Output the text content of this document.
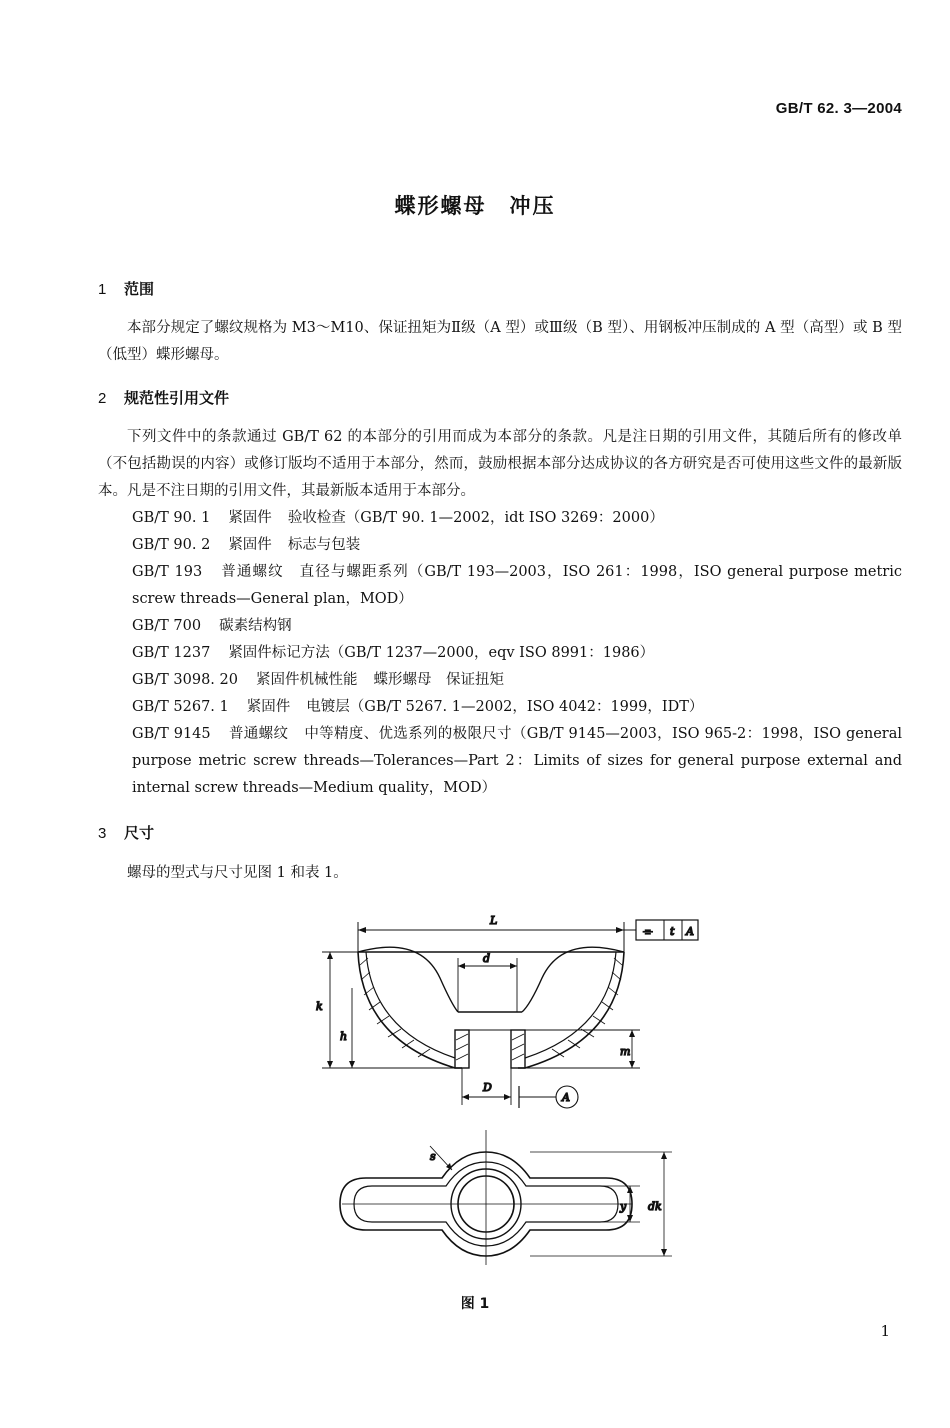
GB/T 62. 3—2004
蝶形螺母　冲压
1 范围
本部分规定了螺纹规格为 M3～M10、保证扭矩为Ⅱ级（A 型）或Ⅲ级（B 型）、用钢板冲压制成的 A 型（高型）或 B 型（低型）蝶形螺母。
2 规范性引用文件
下列文件中的条款通过 GB/T 62 的本部分的引用而成为本部分的条款。凡是注日期的引用文件，其随后所有的修改单（不包括勘误的内容）或修订版均不适用于本部分，然而，鼓励根据本部分达成协议的各方研究是否可使用这些文件的最新版本。凡是不注日期的引用文件，其最新版本适用于本部分。
GB/T 90. 1 紧固件 验收检查（GB/T 90. 1—2002，idt ISO 3269：2000）
GB/T 90. 2 紧固件 标志与包装
GB/T 193 普通螺纹 直径与螺距系列（GB/T 193—2003，ISO 261：1998，ISO general purpose metric screw threads—General plan，MOD）
GB/T 700 碳素结构钢
GB/T 1237 紧固件标记方法（GB/T 1237—2000，eqv ISO 8991：1986）
GB/T 3098. 20 紧固件机械性能 蝶形螺母　保证扭矩
GB/T 5267. 1 紧固件 电镀层（GB/T 5267. 1—2002，ISO 4042：1999，IDT）
GB/T 9145 普通螺纹 中等精度、优选系列的极限尺寸（GB/T 9145—2003，ISO 965-2：1998，ISO general purpose metric screw threads—Tolerances—Part 2：Limits of sizes for general purpose external and internal screw threads—Medium quality，MOD）
3 尺寸
螺母的型式与尺寸见图 1 和表 1。
L
⌯ t A
d
k
h
m
D
A
s
y dk
图 1
1
